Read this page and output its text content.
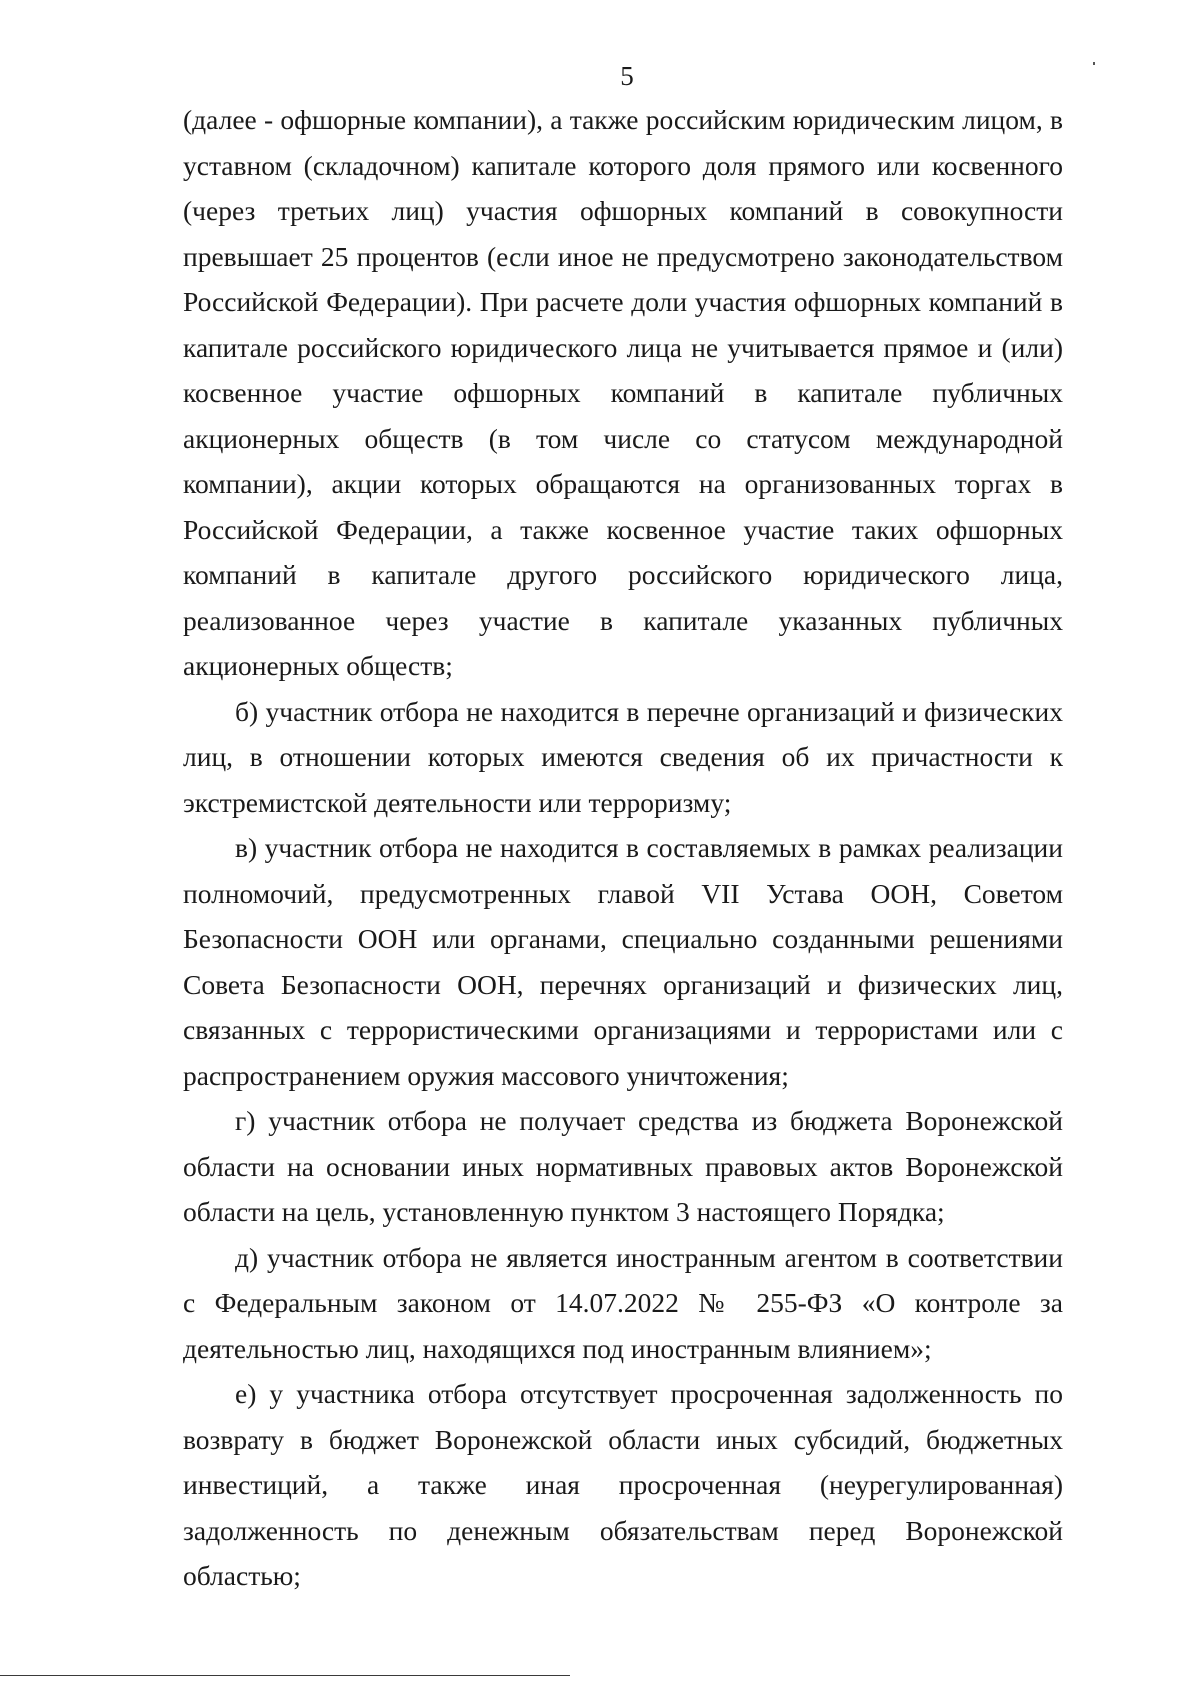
5

(далее - офшорные компании), а также российским юридическим лицом, в уставном (складочном) капитале которого доля прямого или косвенного (через третьих лиц) участия офшорных компаний в совокупности превышает 25 процентов (если иное не предусмотрено законодательством Российской Федерации). При расчете доли участия офшорных компаний в капитале российского юридического лица не учитывается прямое и (или) косвенное участие офшорных компаний в капитале публичных акционерных обществ (в том числе со статусом международной компании), акции которых обращаются на организованных торгах в Российской Федерации, а также косвенное участие таких офшорных компаний в капитале другого российского юридического лица, реализованное через участие в капитале указанных публичных акционерных обществ;

б) участник отбора не находится в перечне организаций и физических лиц, в отношении которых имеются сведения об их причастности к экстремистской деятельности или терроризму;

в) участник отбора не находится в составляемых в рамках реализации полномочий, предусмотренных главой VII Устава ООН, Советом Безопасности ООН или органами, специально созданными решениями Совета Безопасности ООН, перечнях организаций и физических лиц, связанных с террористическими организациями и террористами или с распространением оружия массового уничтожения;

г) участник отбора не получает средства из бюджета Воронежской области на основании иных нормативных правовых актов Воронежской области на цель, установленную пунктом 3 настоящего Порядка;

д) участник отбора не является иностранным агентом в соответствии с Федеральным законом от 14.07.2022 № 255-ФЗ «О контроле за деятельностью лиц, находящихся под иностранным влиянием»;

е) у участника отбора отсутствует просроченная задолженность по возврату в бюджет Воронежской области иных субсидий, бюджетных инвестиций, а также иная просроченная (неурегулированная) задолженность по денежным обязательствам перед Воронежской областью;
